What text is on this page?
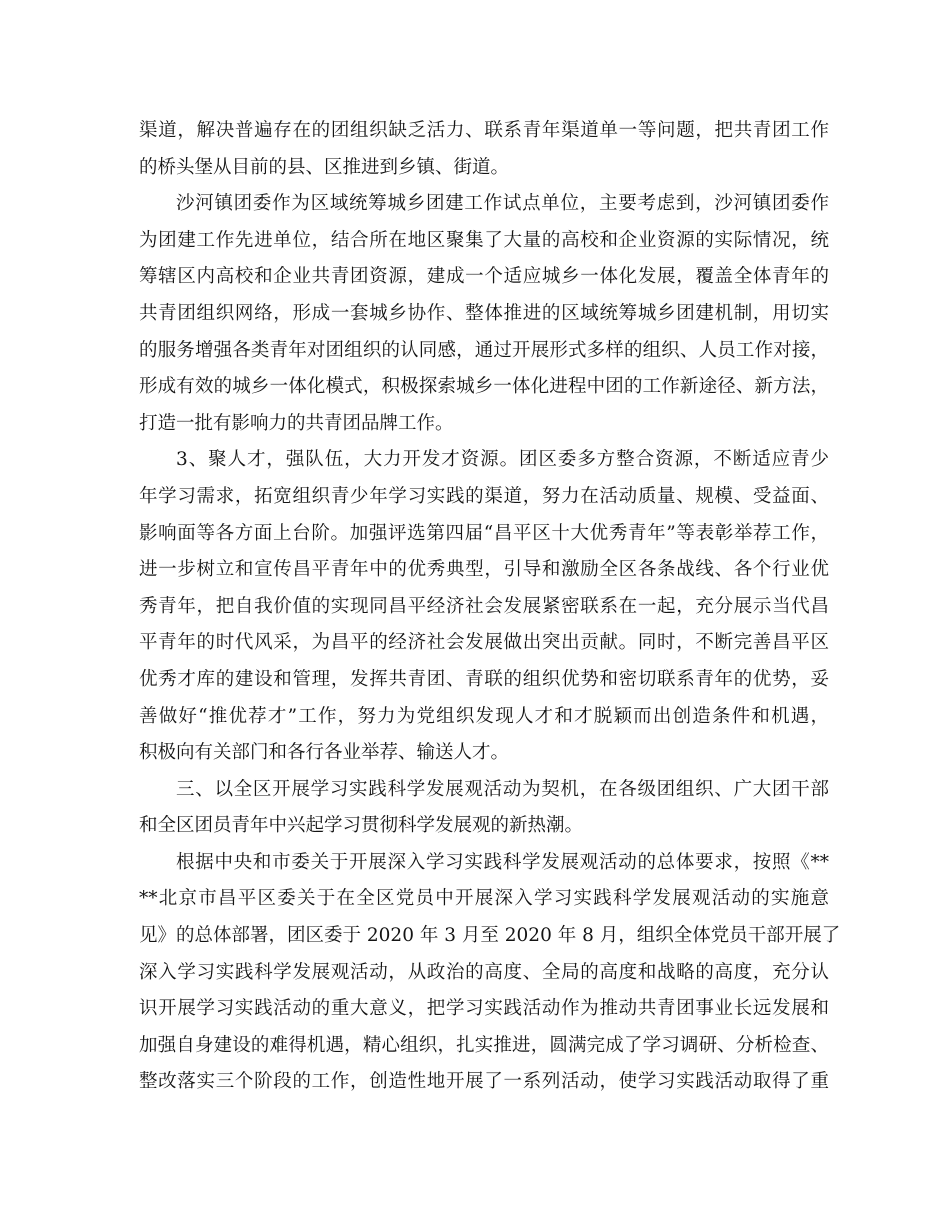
渠道，解决普遍存在的团组织缺乏活力、联系青年渠道单一等问题，把共青团工作
的桥头堡从目前的县、区推进到乡镇、街道。
沙河镇团委作为区域统筹城乡团建工作试点单位，主要考虑到，沙河镇团委作
为团建工作先进单位，结合所在地区聚集了大量的高校和企业资源的实际情况，统
筹辖区内高校和企业共青团资源，建成一个适应城乡一体化发展，覆盖全体青年的
共青团组织网络，形成一套城乡协作、整体推进的区域统筹城乡团建机制，用切实
的服务增强各类青年对团组织的认同感，通过开展形式多样的组织、人员工作对接，
形成有效的城乡一体化模式，积极探索城乡一体化进程中团的工作新途径、新方法，
打造一批有影响力的共青团品牌工作。
3、聚人才，强队伍，大力开发才资源。团区委多方整合资源，不断适应青少
年学习需求，拓宽组织青少年学习实践的渠道，努力在活动质量、规模、受益面、
影响面等各方面上台阶。加强评选第四届“昌平区十大优秀青年”等表彰举荐工作，
进一步树立和宣传昌平青年中的优秀典型，引导和激励全区各条战线、各个行业优
秀青年，把自我价值的实现同昌平经济社会发展紧密联系在一起，充分展示当代昌
平青年的时代风采，为昌平的经济社会发展做出突出贡献。同时，不断完善昌平区
优秀才库的建设和管理，发挥共青团、青联的组织优势和密切联系青年的优势，妥
善做好“推优荐才”工作，努力为党组织发现人才和才脱颖而出创造条件和机遇，
积极向有关部门和各行各业举荐、输送人才。
三、以全区开展学习实践科学发展观活动为契机，在各级团组织、广大团干部
和全区团员青年中兴起学习贯彻科学发展观的新热潮。
根据中央和市委关于开展深入学习实践科学发展观活动的总体要求，按照《**
**北京市昌平区委关于在全区党员中开展深入学习实践科学发展观活动的实施意
见》的总体部署，团区委于 2020 年 3 月至 2020 年 8 月，组织全体党员干部开展了
深入学习实践科学发展观活动，从政治的高度、全局的高度和战略的高度，充分认
识开展学习实践活动的重大意义，把学习实践活动作为推动共青团事业长远发展和
加强自身建设的难得机遇，精心组织，扎实推进，圆满完成了学习调研、分析检查、
整改落实三个阶段的工作，创造性地开展了一系列活动，使学习实践活动取得了重
